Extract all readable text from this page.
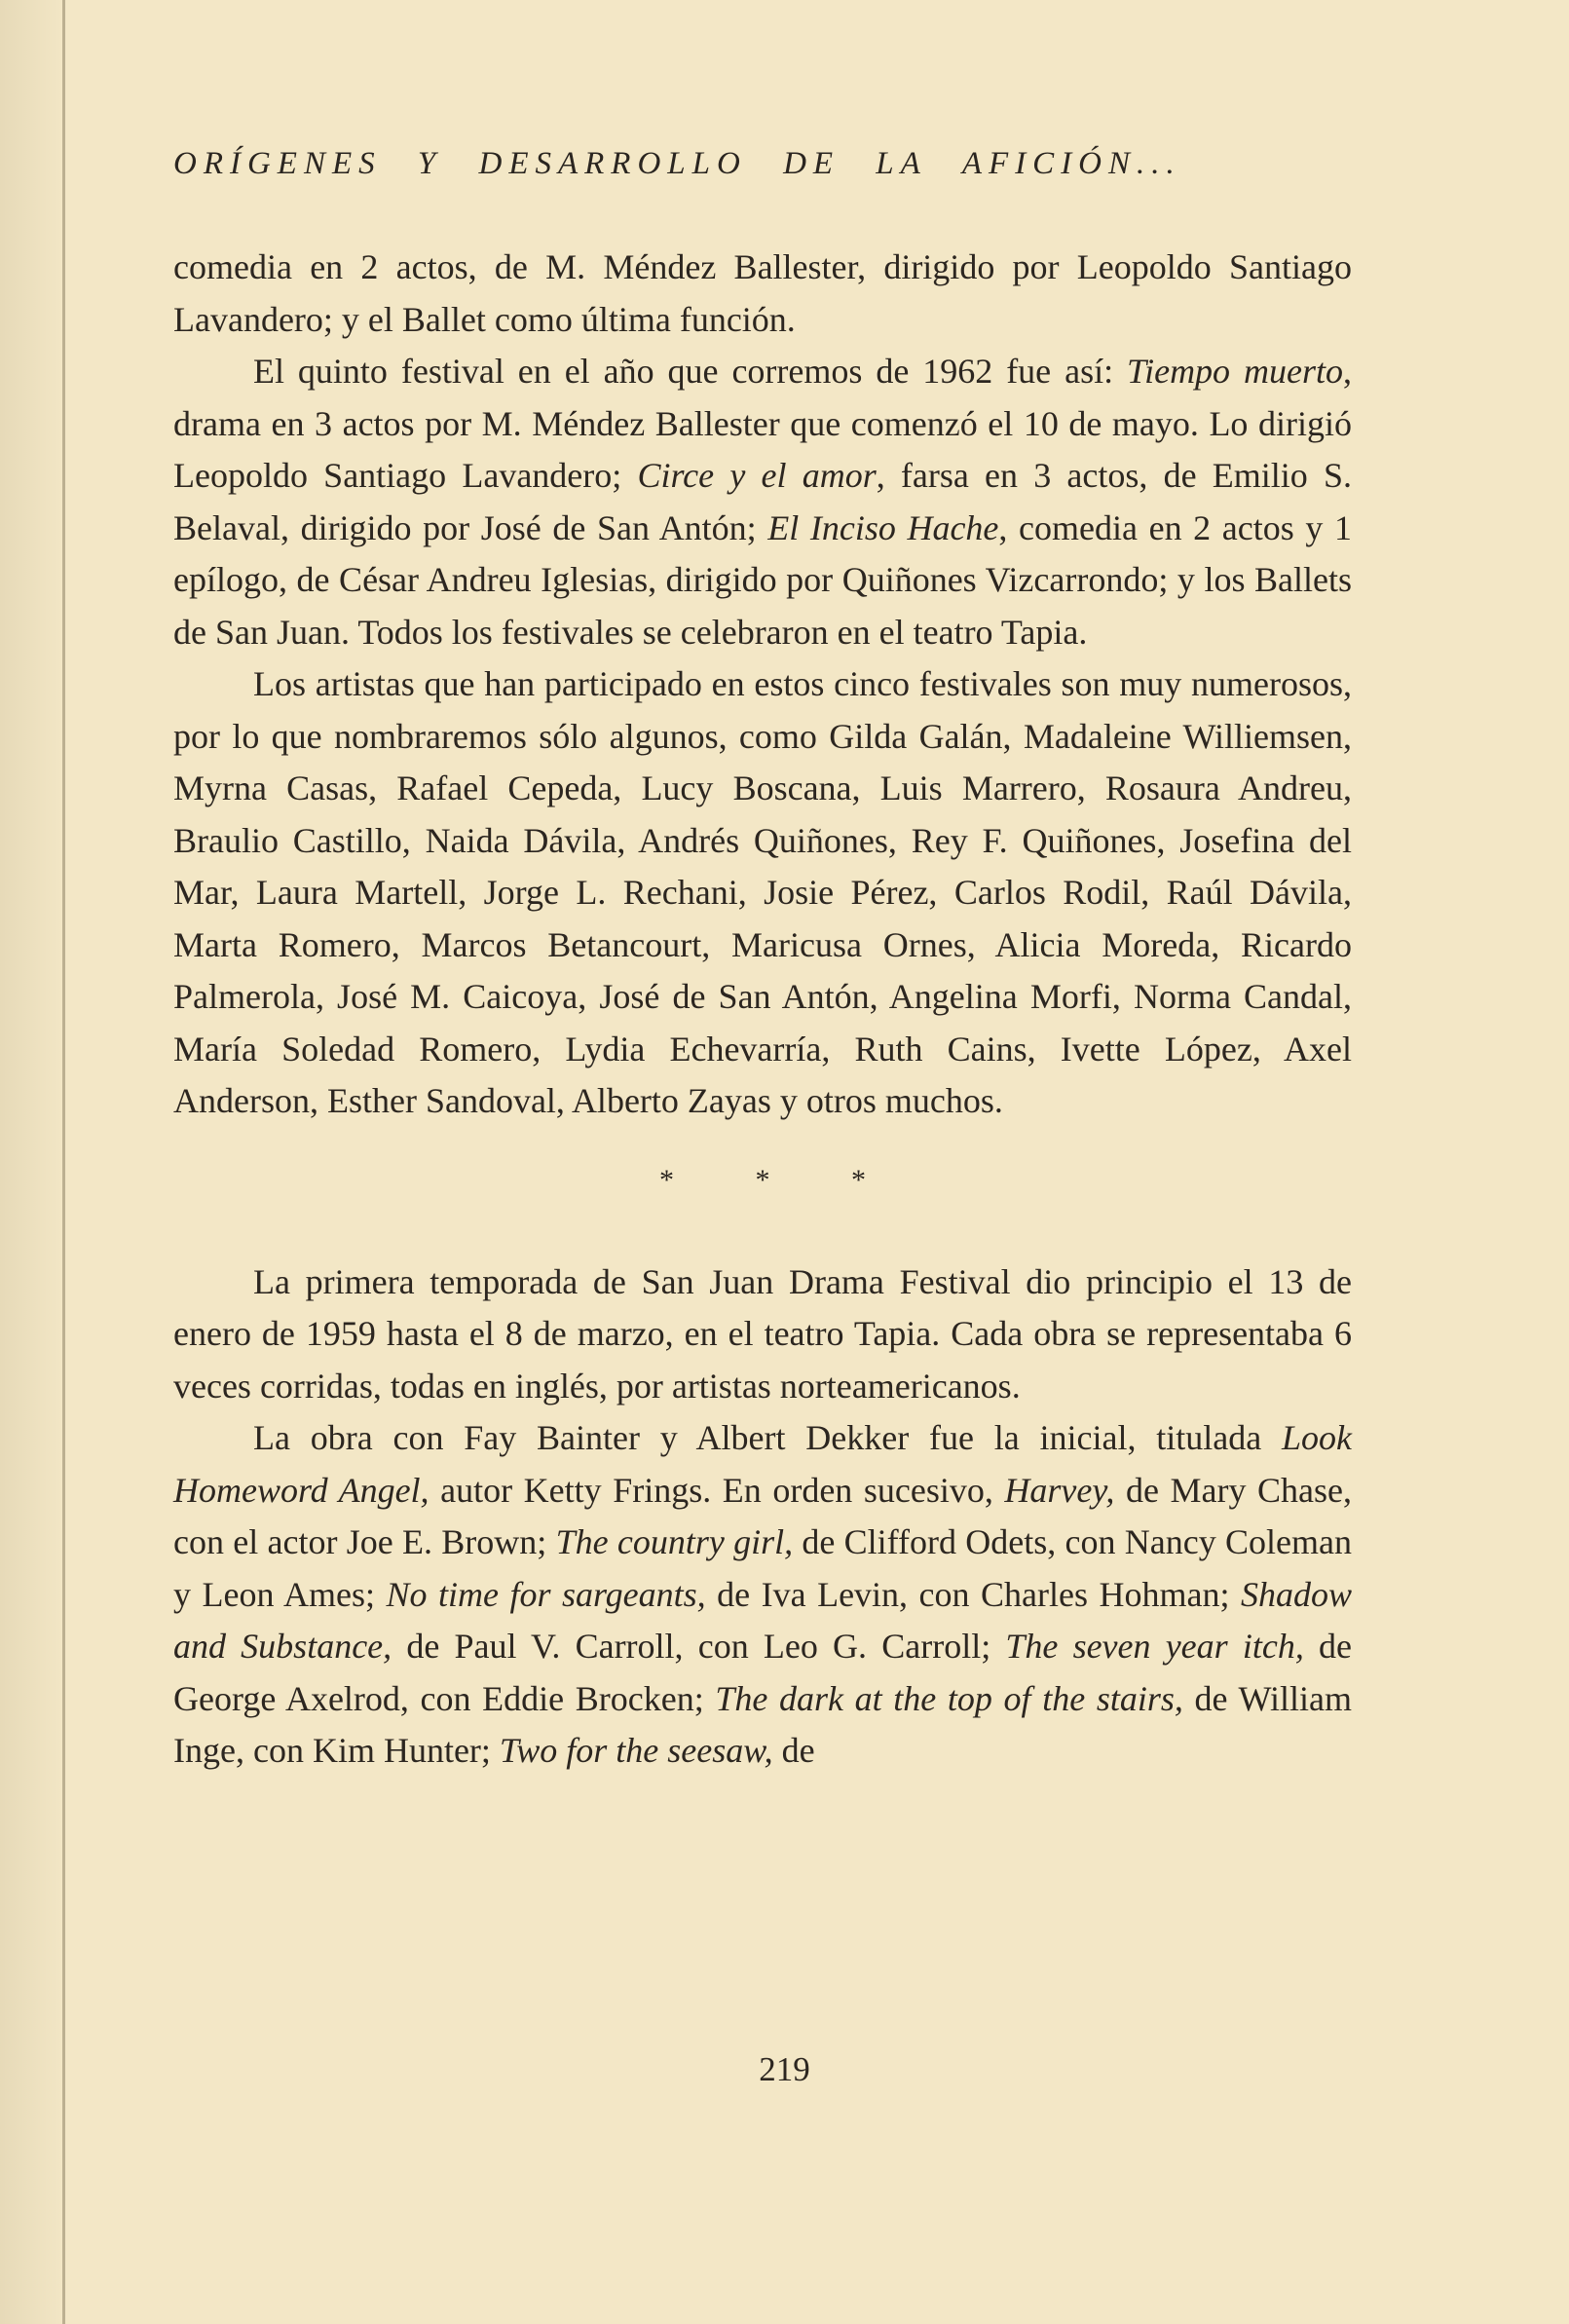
ORÍGENES Y DESARROLLO DE LA AFICIÓN...

comedia en 2 actos, de M. Méndez Ballester, dirigido por Leopoldo Santiago Lavandero; y el Ballet como última función.

El quinto festival en el año que corremos de 1962 fue así: Tiempo muerto, drama en 3 actos por M. Méndez Ballester que comenzó el 10 de mayo. Lo dirigió Leopoldo Santiago Lavandero; Circe y el amor, farsa en 3 actos, de Emilio S. Belaval, dirigido por José de San Antón; El Inciso Hache, comedia en 2 actos y 1 epílogo, de César Andreu Iglesias, dirigido por Quiñones Vizcarrondo; y los Ballets de San Juan. Todos los festivales se celebraron en el teatro Tapia.

Los artistas que han participado en estos cinco festivales son muy numerosos, por lo que nombraremos sólo algunos, como Gilda Galán, Madaleine Williemsen, Myrna Casas, Rafael Cepeda, Lucy Boscana, Luis Marrero, Rosaura Andreu, Braulio Castillo, Naida Dávila, Andrés Quiñones, Rey F. Quiñones, Josefina del Mar, Laura Martell, Jorge L. Rechani, Josie Pérez, Carlos Rodil, Raúl Dávila, Marta Romero, Marcos Betancourt, Maricusa Ornes, Alicia Moreda, Ricardo Palmerola, José M. Caicoya, José de San Antón, Angelina Morfi, Norma Candal, María Soledad Romero, Lydia Echevarría, Ruth Cains, Ivette López, Axel Anderson, Esther Sandoval, Alberto Zayas y otros muchos.

* * *

La primera temporada de San Juan Drama Festival dio principio el 13 de enero de 1959 hasta el 8 de marzo, en el teatro Tapia. Cada obra se representaba 6 veces corridas, todas en inglés, por artistas norteamericanos.

La obra con Fay Bainter y Albert Dekker fue la inicial, titulada Look Homeword Angel, autor Ketty Frings. En orden sucesivo, Harvey, de Mary Chase, con el actor Joe E. Brown; The country girl, de Clifford Odets, con Nancy Coleman y Leon Ames; No time for sargeants, de Iva Levin, con Charles Hohman; Shadow and Substance, de Paul V. Carroll, con Leo G. Carroll; The seven year itch, de George Axelrod, con Eddie Brocken; The dark at the top of the stairs, de William Inge, con Kim Hunter; Two for the seesaw, de

219
